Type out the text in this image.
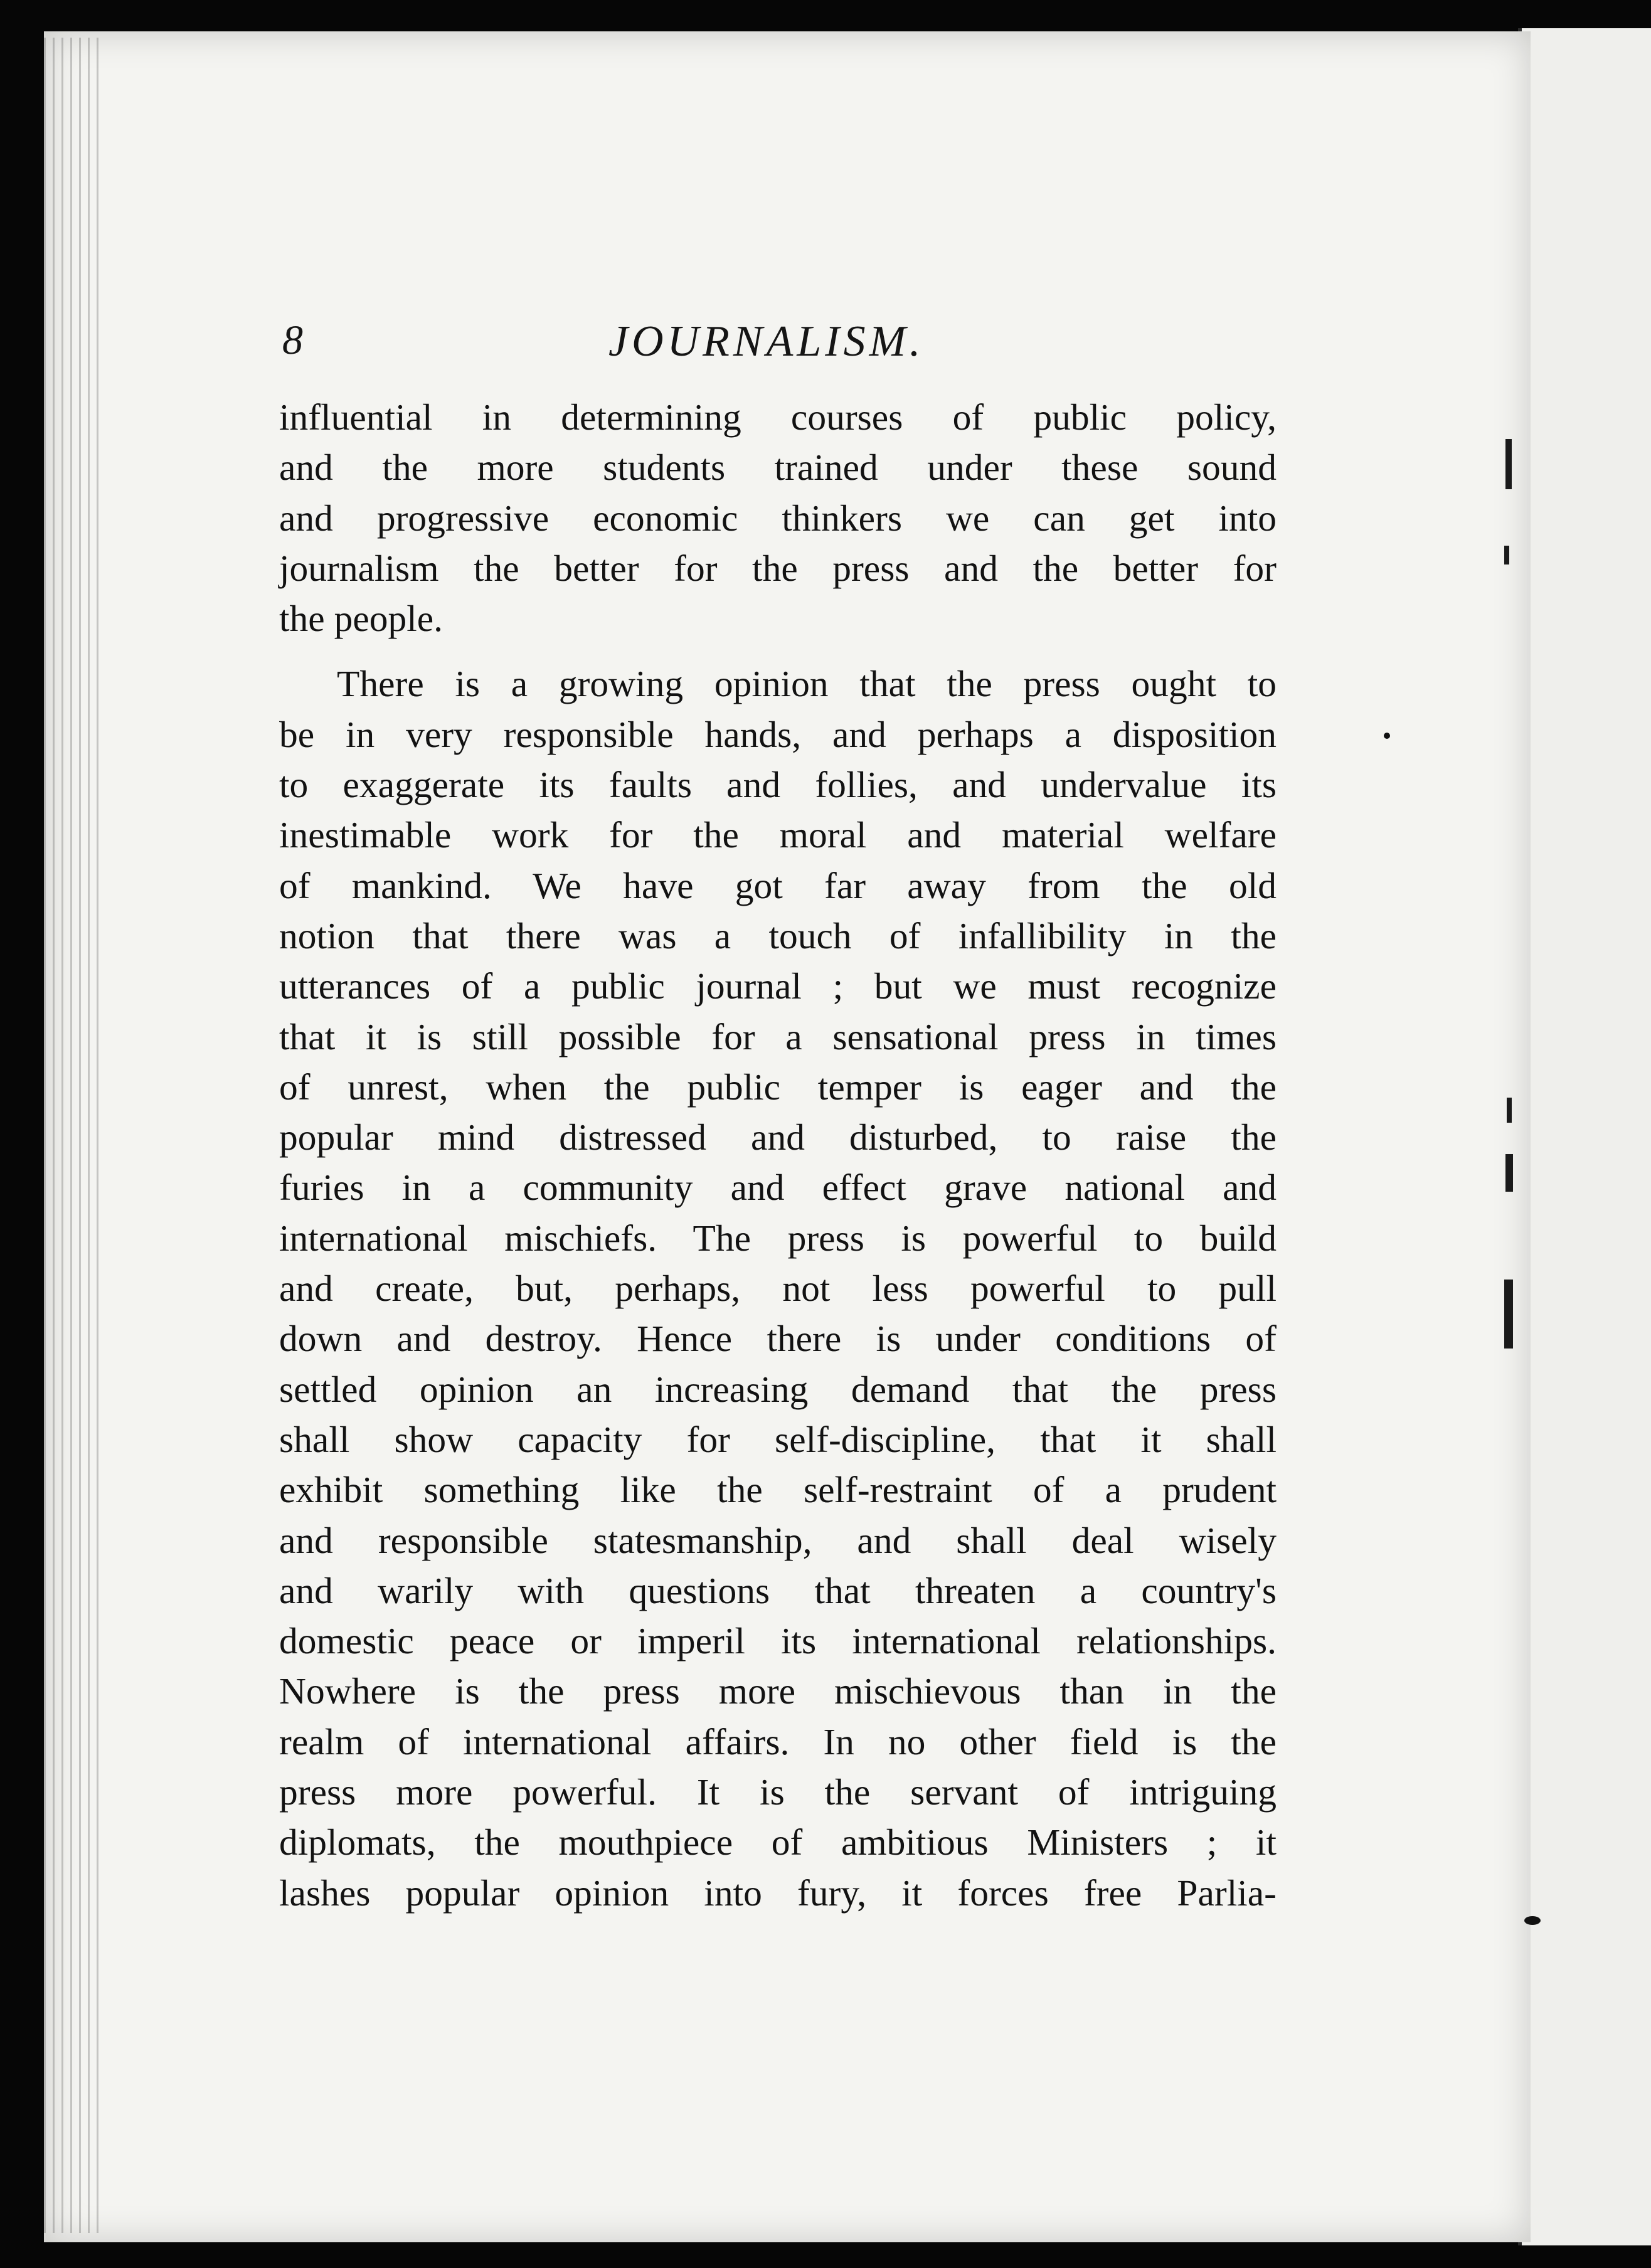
8	JOURNALISM.
influential in determining courses of public policy,
and the more students trained under these sound
and progressive economic thinkers we can get into
journalism the better for the press and the better for
the people.
There is a growing opinion that the press ought to
be in very responsible hands, and perhaps a disposition
to exaggerate its faults and follies, and undervalue its
inestimable work for the moral and material welfare
of mankind. We have got far away from the old
notion that there was a touch of infallibility in the
utterances of a public journal ; but we must recognize
that it is still possible for a sensational press in times
of unrest, when the public temper is eager and the
popular mind distressed and disturbed, to raise the
furies in a community and effect grave national and
international mischiefs. The press is powerful to build
and create, but, perhaps, not less powerful to pull
down and destroy. Hence there is under conditions of
settled opinion an increasing demand that the press
shall show capacity for self-discipline, that it shall
exhibit something like the self-restraint of a prudent
and responsible statesmanship, and shall deal wisely
and warily with questions that threaten a country's
domestic peace or imperil its international relationships.
Nowhere is the press more mischievous than in the
realm of international affairs. In no other field is the
press more powerful. It is the servant of intriguing
diplomats, the mouthpiece of ambitious Ministers ; it
lashes popular opinion into fury, it forces free Parlia-
